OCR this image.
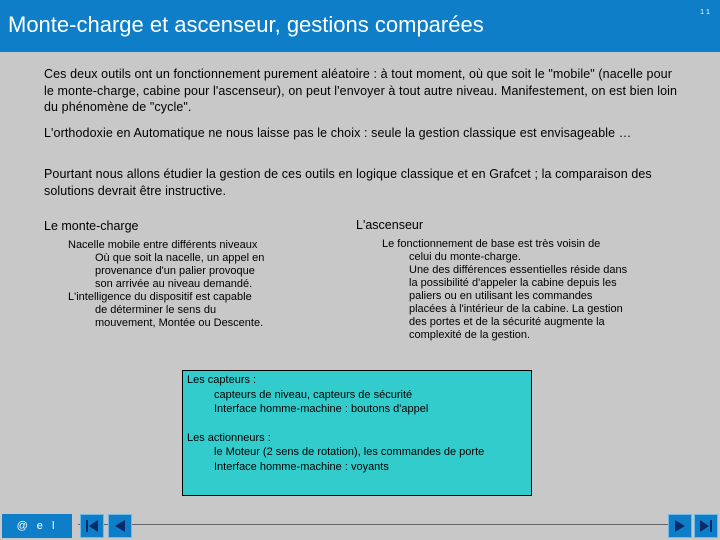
Monte-charge et ascenseur, gestions comparées	1 1
Ces deux outils ont un fonctionnement purement aléatoire : à tout moment, où que soit le "mobile" (nacelle pour le monte-charge, cabine pour l'ascenseur), on peut l'envoyer à tout autre niveau. Manifestement, on est bien loin du phénomène de "cycle".
L'orthodoxie en Automatique ne nous laisse pas le choix : seule la gestion classique est envisageable …
Pourtant nous allons étudier la gestion de ces outils en logique classique et en Grafcet ; la comparaison des solutions devrait être instructive.
Le monte-charge
Nacelle mobile entre différents niveaux
Où que soit la nacelle, un appel en
provenance d'un palier provoque
son arrivée au niveau demandé.
L'intelligence du dispositif est capable
de déterminer le sens du
mouvement, Montée ou Descente.
L'ascenseur
Le fonctionnement de base est très voisin de
celui du monte-charge.
Une des différences essentielles réside dans
la possibilité d'appeler la cabine depuis les
paliers ou en utilisant les commandes
placées à l'intérieur de la cabine. La gestion
des portes et de la sécurité augmente la
complexité de la gestion.
Les capteurs :
capteurs de niveau, capteurs de sécurité
Interface homme-machine : boutons d'appel
Les actionneurs :
le Moteur (2 sens de rotation), les commandes de porte
Interface homme-machine : voyants
@ e l
